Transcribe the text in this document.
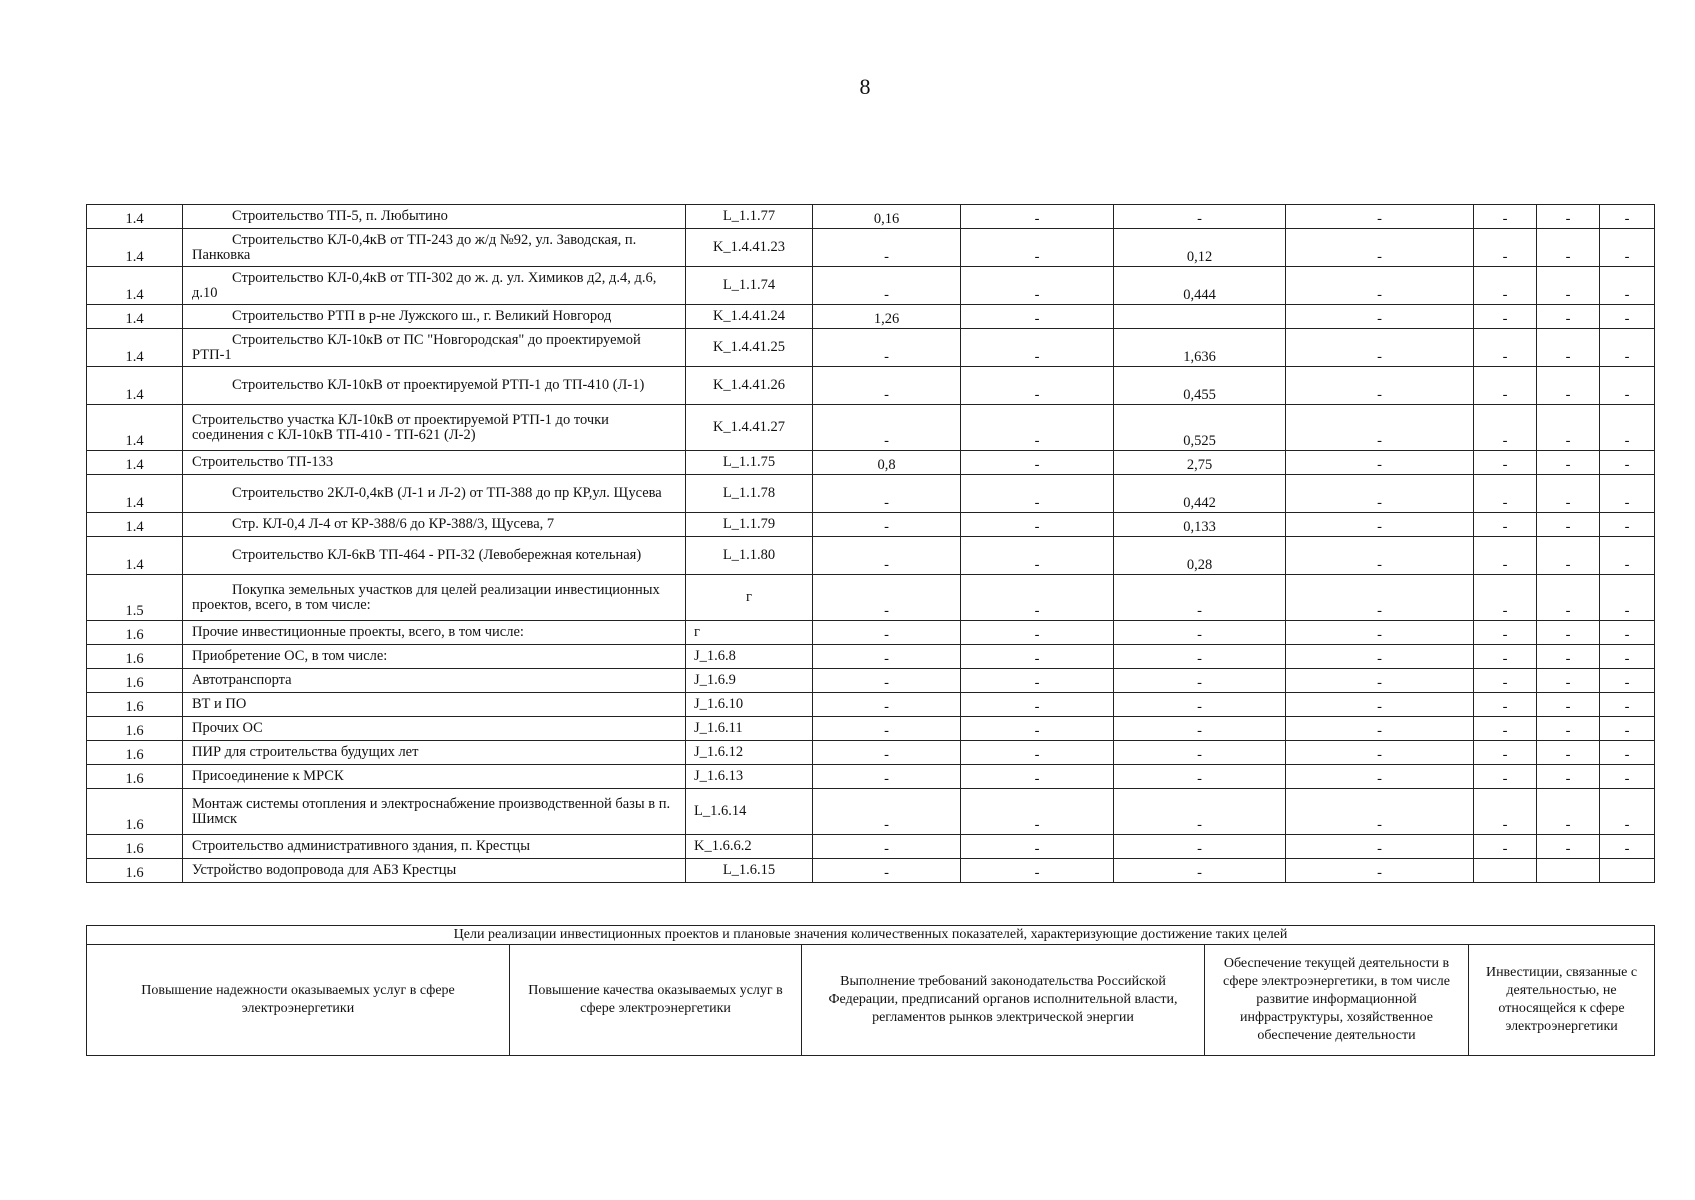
8
1.4	Строительство ТП-5, п. Любытино	L_1.1.77	0,16	-	-	-	-	-	-
1.4	Строительство КЛ-0,4кВ от ТП-243 до ж/д №92, ул. Заводская, п. Панковка	K_1.4.41.23	-	-	0,12	-	-	-	-
1.4	Строительство КЛ-0,4кВ от ТП-302 до ж. д. ул. Химиков д2, д.4, д.6, д.10	L_1.1.74	-	-	0,444	-	-	-	-
1.4	Строительство РТП в р-не Лужского ш., г. Великий Новгород	K_1.4.41.24	1,26	-		-	-	-	-
1.4	Строительство КЛ-10кВ от ПС "Новгородская" до проектируемой РТП-1	K_1.4.41.25	-	-	1,636	-	-	-	-
1.4	Строительство КЛ-10кВ от проектируемой РТП-1 до ТП-410 (Л-1)	K_1.4.41.26	-	-	0,455	-	-	-	-
1.4	Строительство участка КЛ-10кВ от проектируемой РТП-1 до точки соединения с КЛ-10кВ ТП-410 - ТП-621 (Л-2)	K_1.4.41.27	-	-	0,525	-	-	-	-
1.4	Строительство ТП-133	L_1.1.75	0,8	-	2,75	-	-	-	-
1.4	Строительство 2КЛ-0,4кВ (Л-1 и Л-2) от ТП-388 до пр КР,ул. Щусева	L_1.1.78	-	-	0,442	-	-	-	-
1.4	Стр. КЛ-0,4 Л-4 от КР-388/6 до КР-388/3, Щусева, 7	L_1.1.79	-	-	0,133	-	-	-	-
1.4	Строительство КЛ-6кВ ТП-464 - РП-32 (Левобережная котельная)	L_1.1.80	-	-	0,28	-	-	-	-
1.5	Покупка земельных участков для целей реализации инвестиционных проектов, всего, в том числе:	г	-	-	-	-	-	-	-
1.6	Прочие инвестиционные проекты, всего, в том числе:	г	-	-	-	-	-	-	-
1.6	Приобретение ОС, в том числе:	J_1.6.8	-	-	-	-	-	-	-
1.6	Автотранспорта	J_1.6.9	-	-	-	-	-	-	-
1.6	ВТ и ПО	J_1.6.10	-	-	-	-	-	-	-
1.6	Прочих ОС	J_1.6.11	-	-	-	-	-	-	-
1.6	ПИР для строительства будущих лет	J_1.6.12	-	-	-	-	-	-	-
1.6	Присоединение к МРСК	J_1.6.13	-	-	-	-	-	-	-
1.6	Монтаж системы отопления и электроснабжение производственной базы в п. Шимск	L_1.6.14	-	-	-	-	-	-	-
1.6	Строительство административного здания, п. Крестцы	K_1.6.6.2	-	-	-	-	-	-	-
1.6	Устройство водопровода для АБЗ Крестцы	L_1.6.15	-	-	-	-			
Цели реализации инвестиционных проектов и плановые значения количественных показателей, характеризующие достижение таких целей
Повышение надежности оказываемых услуг в сфере электроэнергетики	Повышение качества оказываемых услуг в сфере электроэнергетики	Выполнение требований законодательства Российской Федерации, предписаний органов исполнительной власти, регламентов рынков электрической энергии	Обеспечение текущей деятельности в сфере электроэнергетики, в том числе развитие информационной инфраструктуры, хозяйственное обеспечение деятельности	Инвестиции, связанные с деятельностью, не относящейся к сфере электроэнергетики
